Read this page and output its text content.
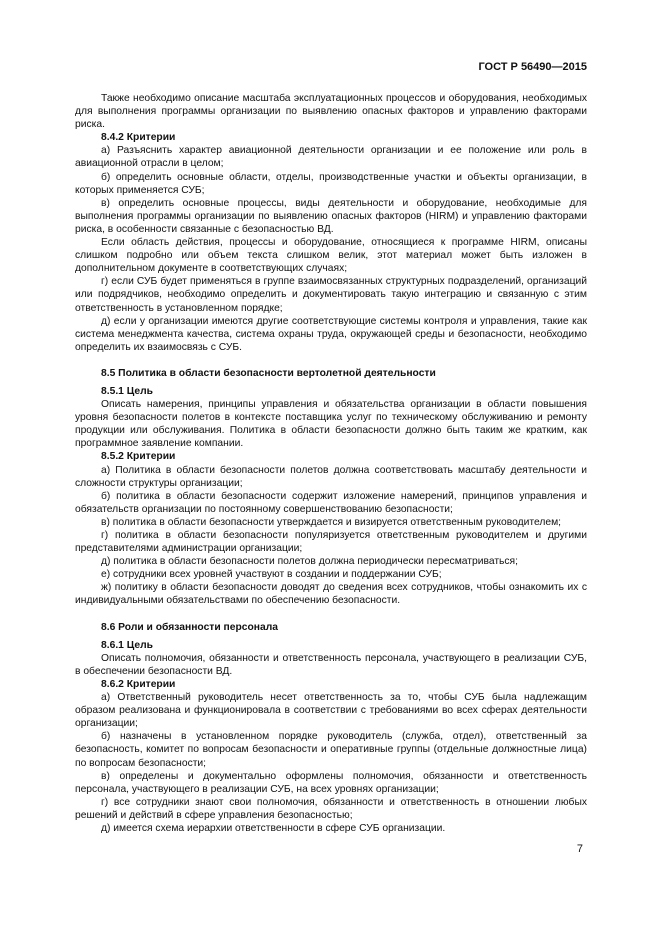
ГОСТ Р 56490—2015

Также необходимо описание масштаба эксплуатационных процессов и оборудования, необходимых для выполнения программы организации по выявлению опасных факторов и управлению факторами риска.

8.4.2 Критерии

а) Разъяснить характер авиационной деятельности организации и ее положение или роль в авиационной отрасли в целом;

б) определить основные области, отделы, производственные участки и объекты организации, в которых применяется СУБ;

в) определить основные процессы, виды деятельности и оборудование, необходимые для выполнения программы организации по выявлению опасных факторов (HIRM) и управлению факторами риска, в особенности связанные с безопасностью ВД.

Если область действия, процессы и оборудование, относящиеся к программе HIRM, описаны слишком подробно или объем текста слишком велик, этот материал может быть изложен в дополнительном документе в соответствующих случаях;

г) если СУБ будет применяться в группе взаимосвязанных структурных подразделений, организаций или подрядчиков, необходимо определить и документировать такую интеграцию и связанную с этим ответственность в установленном порядке;

д) если у организации имеются другие соответствующие системы контроля и управления, такие как система менеджмента качества, система охраны труда, окружающей среды и безопасности, необходимо определить их взаимосвязь с СУБ.

8.5 Политика в области безопасности вертолетной деятельности

8.5.1 Цель

Описать намерения, принципы управления и обязательства организации в области повышения уровня безопасности полетов в контексте поставщика услуг по техническому обслуживанию и ремонту продукции или обслуживания. Политика в области безопасности должно быть таким же кратким, как программное заявление компании.

8.5.2 Критерии

а) Политика в области безопасности полетов должна соответствовать масштабу деятельности и сложности структуры организации;

б) политика в области безопасности содержит изложение намерений, принципов управления и обязательств организации по постоянному совершенствованию безопасности;

в) политика в области безопасности утверждается и визируется ответственным руководителем;

г) политика в области безопасности популяризуется ответственным руководителем и другими представителями администрации организации;

д) политика в области безопасности полетов должна периодически пересматриваться;

е) сотрудники всех уровней участвуют в создании и поддержании СУБ;

ж) политику в области безопасности доводят до сведения всех сотрудников, чтобы ознакомить их с индивидуальными обязательствами по обеспечению безопасности.

8.6 Роли и обязанности персонала

8.6.1 Цель

Описать полномочия, обязанности и ответственность персонала, участвующего в реализации СУБ, в обеспечении безопасности ВД.

8.6.2 Критерии

а) Ответственный руководитель несет ответственность за то, чтобы СУБ была надлежащим образом реализована и функционировала в соответствии с требованиями во всех сферах деятельности организации;

б) назначены в установленном порядке руководитель (служба, отдел), ответственный за безопасность, комитет по вопросам безопасности и оперативные группы (отдельные должностные лица) по вопросам безопасности;

в) определены и документально оформлены полномочия, обязанности и ответственность персонала, участвующего в реализации СУБ, на всех уровнях организации;

г) все сотрудники знают свои полномочия, обязанности и ответственность в отношении любых решений и действий в сфере управления безопасностью;

д) имеется схема иерархии ответственности в сфере СУБ организации.

7
